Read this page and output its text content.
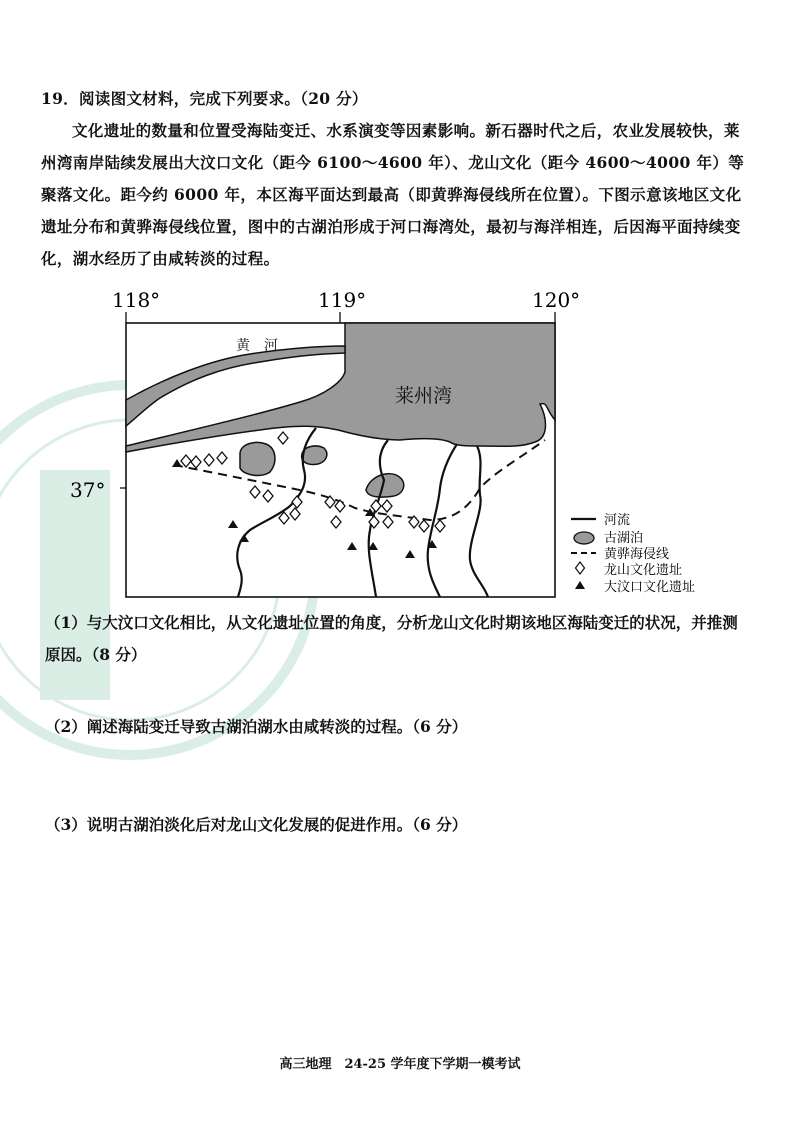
19．阅读图文材料，完成下列要求。（20 分）
文化遗址的数量和位置受海陆变迁、水系演变等因素影响。新石器时代之后，农业发展较快，莱州湾南岸陆续发展出大汶口文化（距今 6100～4600 年）、龙山文化（距今 4600～4000 年）等聚落文化。距今约 6000 年，本区海平面达到最高（即黄骅海侵线所在位置）。下图示意该地区文化遗址分布和黄骅海侵线位置，图中的古湖泊形成于河口海湾处，最初与海洋相连，后因海平面持续变化，湖水经历了由咸转淡的过程。
118°	119°	120°
37°
莱州湾
黄　河
河流
古湖泊
黄骅海侵线
龙山文化遗址
大汶口文化遗址
（1）与大汶口文化相比，从文化遗址位置的角度，分析龙山文化时期该地区海陆变迁的状况，并推测原因。（8 分）
（2）阐述海陆变迁导致古湖泊湖水由咸转淡的过程。（6 分）
（3）说明古湖泊淡化后对龙山文化发展的促进作用。（6 分）
高三地理　24-25 学年度下学期一模考试
